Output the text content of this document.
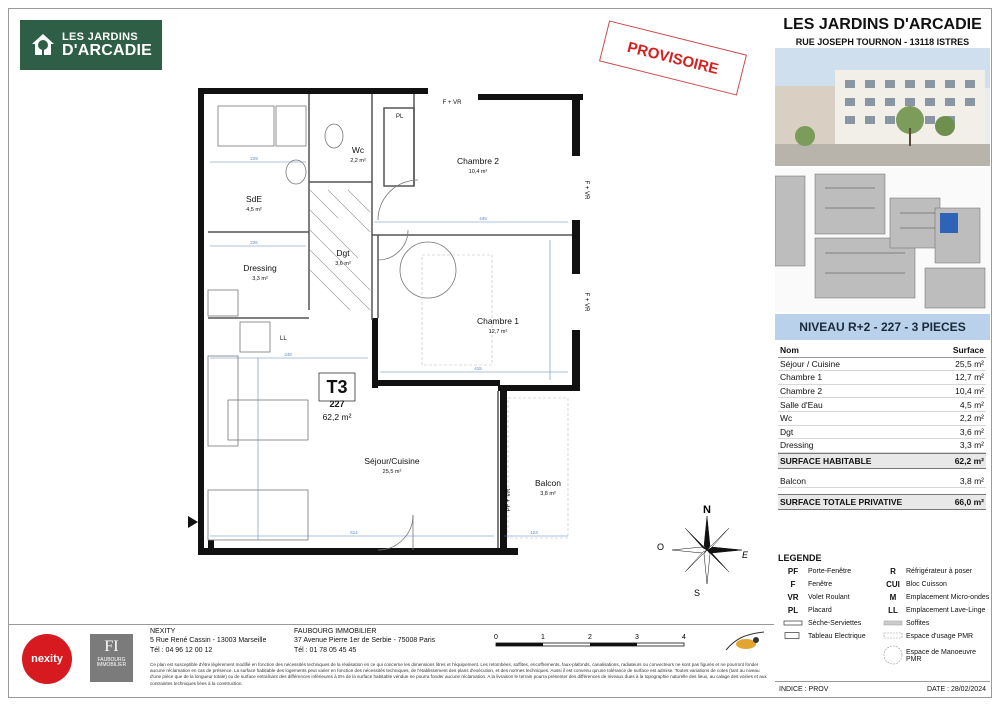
LES JARDINS
D'ARCADIE	PROVISOIRE
F + VR
PL
LL
Wc
2,2 m²
SdE
4,5 m²
Chambre 2
10,4 m²
Dressing
3,3 m²
Dgt
3,6 m²
Chambre 1
12,7 m²
Séjour/Cuisine
25,5 m²
Balcon
3,8 m²
T3
227
62,2 m²
229
226
445
415
348
614	123
F + VR
F + VR
PF + VR	N
S
E
O
LES JARDINS D'ARCADIE
RUE JOSEPH TOURNON - 13118 ISTRES
NIVEAU R+2 - 227 - 3 PIECES
Nom	Surface
Séjour / Cuisine	25,5 m²
Chambre 1	12,7 m²
Chambre 2	10,4 m²
Salle d'Eau	4,5 m²
Wc	2,2 m²
Dgt	3,6 m²
Dressing	3,3 m²
SURFACE HABITABLE	62,2 m²
Balcon	3,8 m²
SURFACE TOTALE PRIVATIVE	66,0 m²
LEGENDE
PF	Porte-Fenêtre	R	Réfrigérateur à poser
F	Fenêtre	CUI Bloc Cuisson
VR	Volet Roulant	M	Emplacement Micro-ondes
PL	Placard	LL	Emplacement Lave-Linge
Sèche-Serviettes	Soffites
Tableau Electrique	Espace d'usage PMR
Espace de Manoeuvre PMR
nexity
FI
FAUBOURG IMMOBILIER
NEXITY
5 Rue René Cassin - 13003 Marseille
Tél : 04 96 12 00 12
FAUBOURG IMMOBILIER
37 Avenue Pierre 1er de Serbie - 75008 Paris
Tél : 01 78 05 45 45
0	1	2	3	4
Ce plan est susceptible d'être légèrement modifié en fonction des nécessités techniques de la réalisation en ce qui concerne les dimensions litres et l'équipement. Les retombées, soffites, encoffrements, faux-plafonds, canalisations, radiateurs ou convecteurs ne sont pas figurés et ne pourront fonder aucune réclamation en cas de présence. La surface habitable des logements peut varier en fonction des nécessités techniques, de l'établissement des plans d'exécution, et des normes techniques. Aussi il est convenu qu'une tolérance de surface est admise. Toutes variations de cotes (tant au niveau d'une pièce que de la longueur totale) ou de surface entraînant des différences inférieures à 5% de la surface habitable vendue ne pourra fonder aucune réclamation. A la livraison le terrain pourra présenter des différences de niveaux dues à la topographie naturelle des lieux, au calage des voiries et aux contraintes techniques liées à la construction.
INDICE : PROV	DATE : 28/02/2024
